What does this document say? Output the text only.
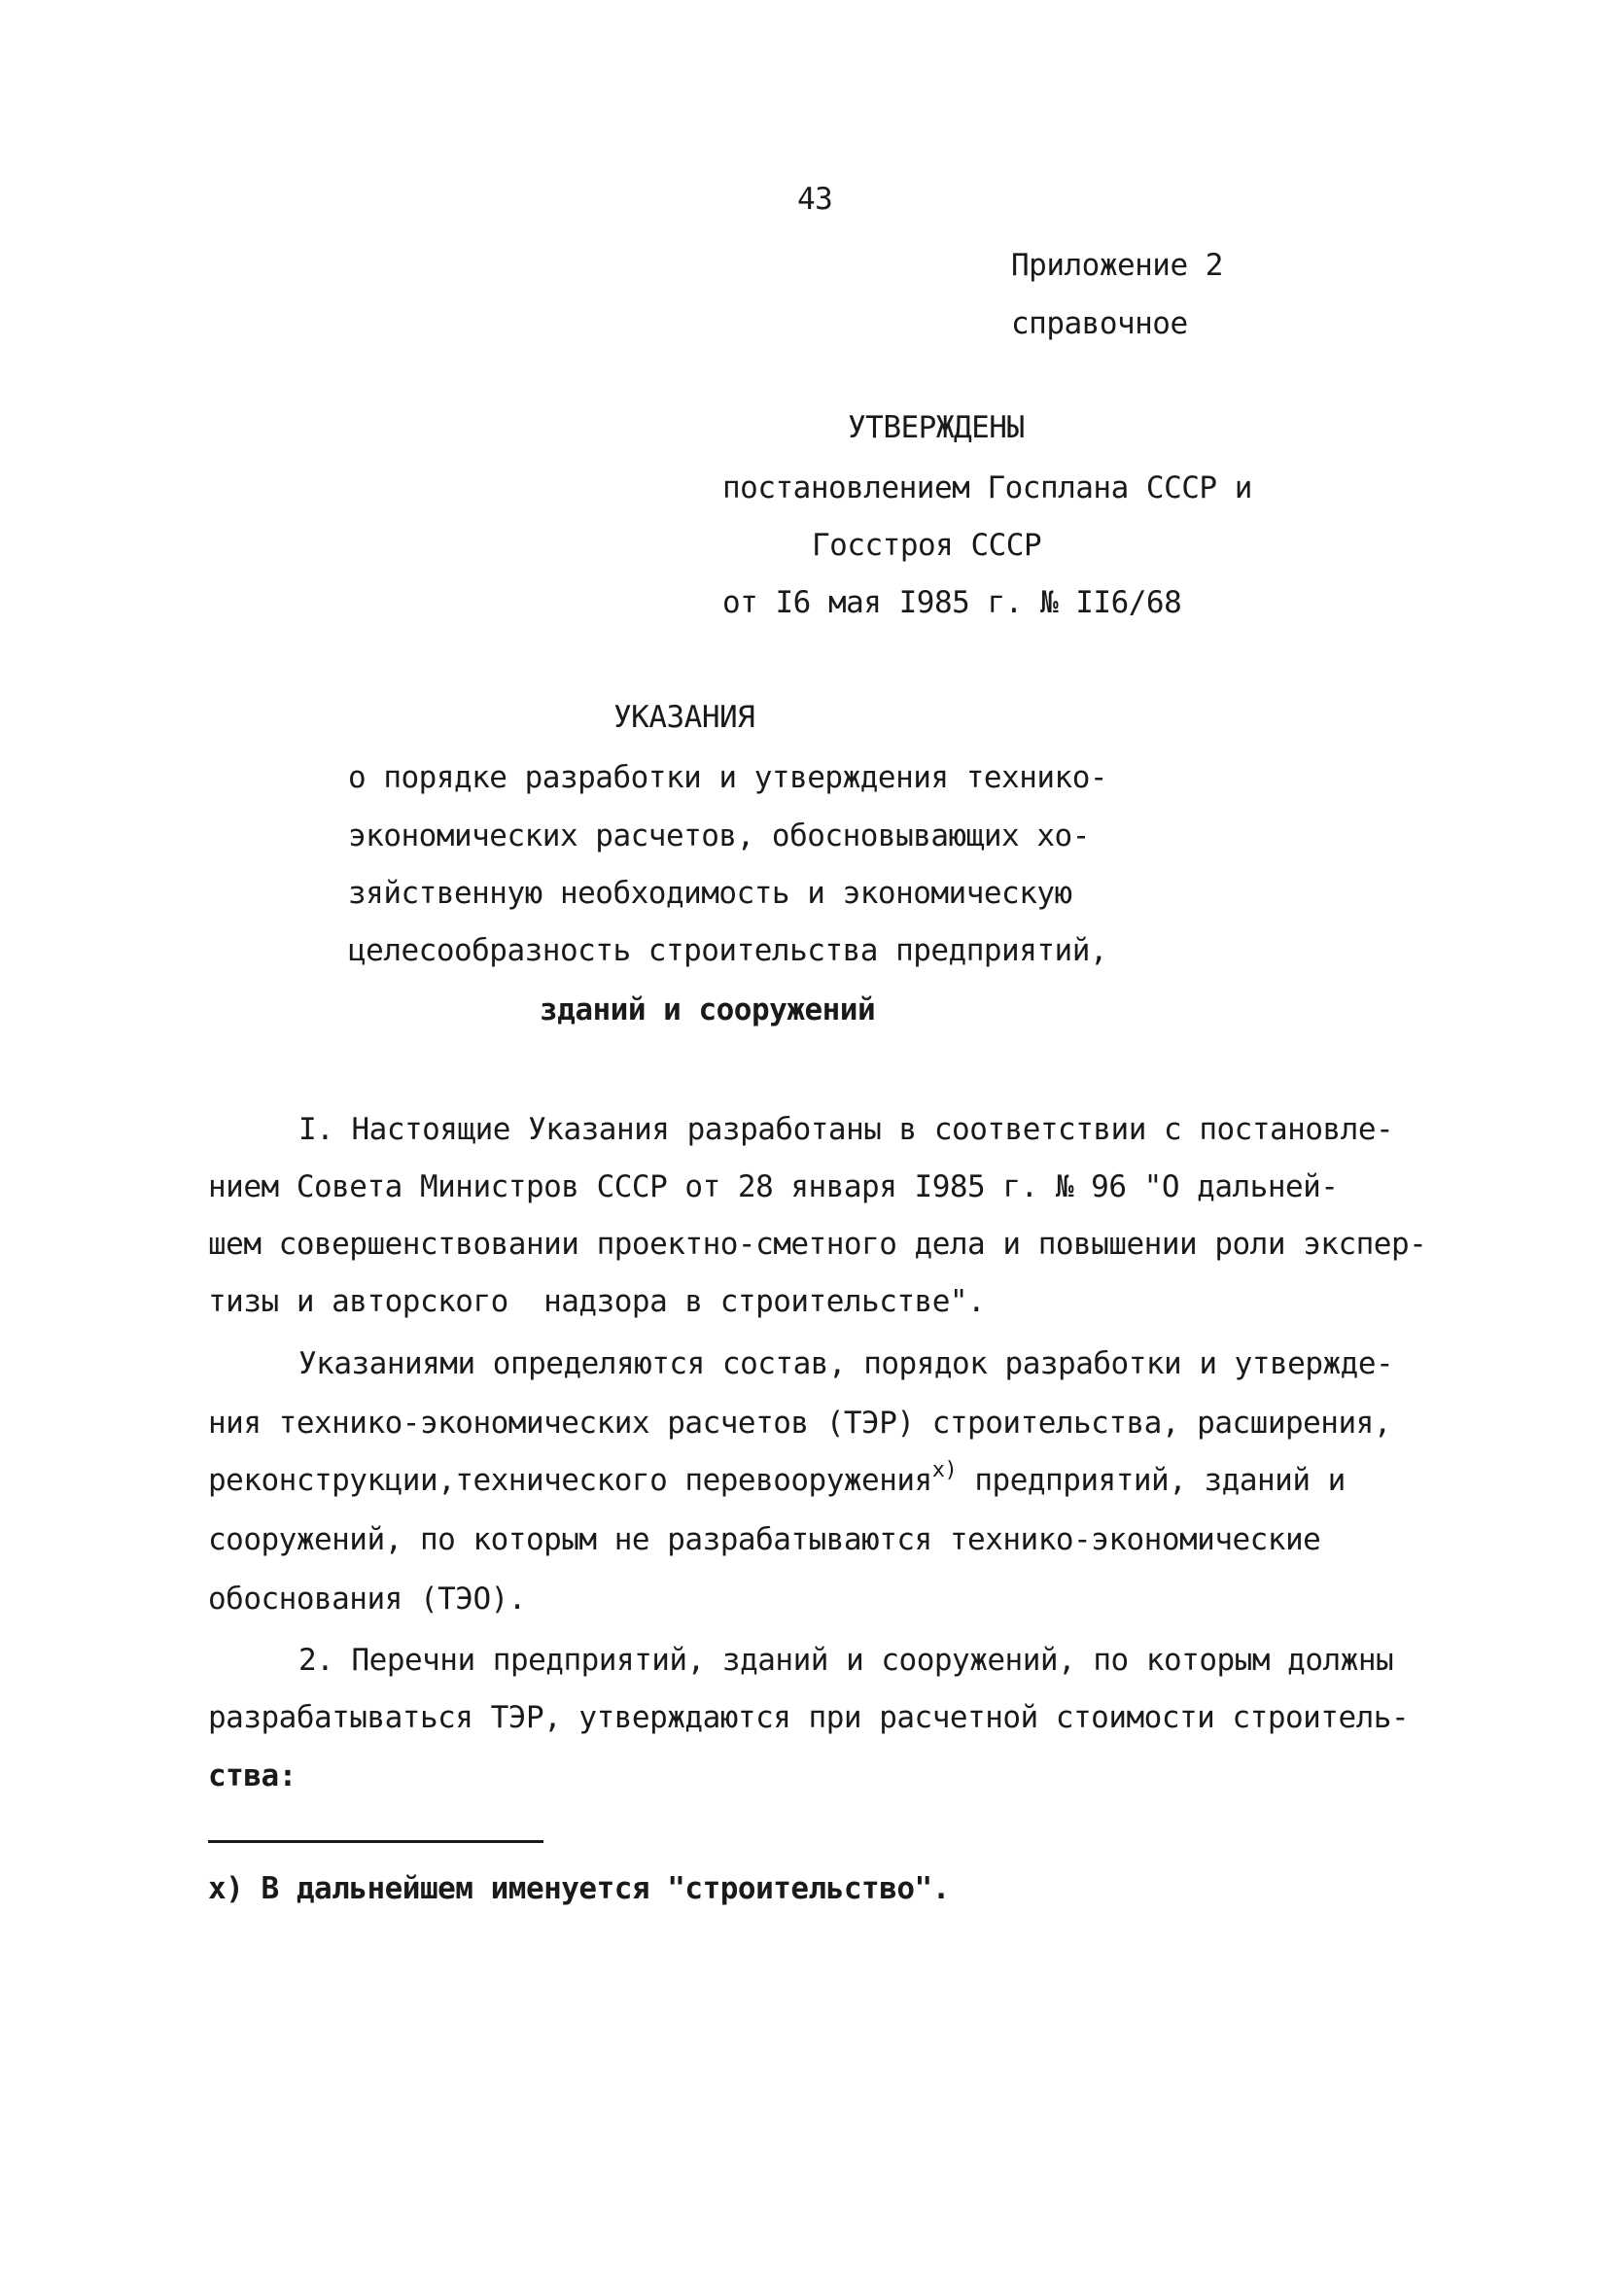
43
Приложение 2
справочное
УТВЕРЖДЕНЫ
постановлением Госплана СССР и
Госстроя СССР
от I6 мая I985 г. № II6/68
УКАЗАНИЯ
о порядке разработки и утверждения технико-
экономических расчетов, обосновывающих хо-
зяйственную необходимость и экономическую
целесообразность строительства предприятий,
зданий и сооружений
I. Настоящие Указания разработаны в соответствии с постановле-
нием Совета Министров СССР от 28 января I985 г. № 96 "О дальней-
шем совершенствовании проектно-сметного дела и повышении роли экспер-
тизы и авторского  надзора в строительстве".
Указаниями определяются состав, порядок разработки и утвержде-
ния технико-экономических расчетов (ТЭР) строительства, расширения,
реконструкции,технического перевооружения$^{x)}$ предприятий, зданий и
сооружений, по которым не разрабатываются технико-экономические
обоснования (ТЭО).
2. Перечни предприятий, зданий и сооружений, по которым должны
разрабатываться ТЭР, утверждаются при расчетной стоимости строитель-
ства:
x) В дальнейшем именуется "строительство".
